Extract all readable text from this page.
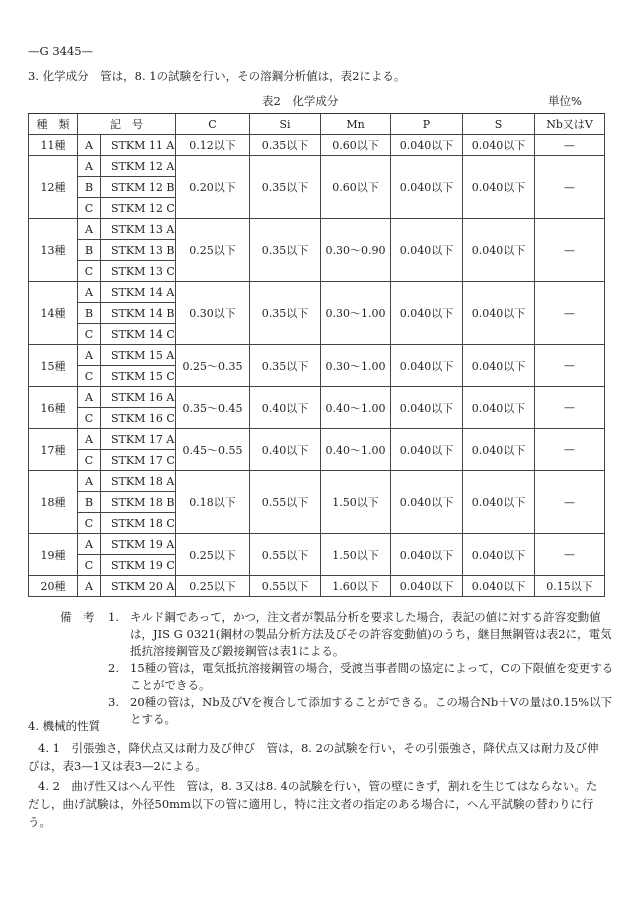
—G 3445—
3. 化学成分　管は，8. 1の試験を行い，その溶鋼分析値は，表2による。
表2　化学成分	単位%
種　類	記　号		C	Si	Mn	P	S	Nb又はV
11種	A	STKM 11 A	0.12以下	0.35以下	0.60以下	0.040以下	0.040以下	—
12種	A	STKM 12 A	0.20以下	0.35以下	0.60以下	0.040以下	0.040以下	—
	B	STKM 12 B						
	C	STKM 12 C						
13種	A	STKM 13 A	0.25以下	0.35以下	0.30〜0.90	0.040以下	0.040以下	—
	B	STKM 13 B						
	C	STKM 13 C						
14種	A	STKM 14 A	0.30以下	0.35以下	0.30〜1.00	0.040以下	0.040以下	—
	B	STKM 14 B						
	C	STKM 14 C						
15種	A	STKM 15 A	0.25〜0.35	0.35以下	0.30〜1.00	0.040以下	0.040以下	—
	C	STKM 15 C						
16種	A	STKM 16 A	0.35〜0.45	0.40以下	0.40〜1.00	0.040以下	0.040以下	—
	C	STKM 16 C						
17種	A	STKM 17 A	0.45〜0.55	0.40以下	0.40〜1.00	0.040以下	0.040以下	—
	C	STKM 17 C						
18種	A	STKM 18 A	0.18以下	0.55以下	1.50以下	0.040以下	0.040以下	—
	B	STKM 18 B						
	C	STKM 18 C						
19種	A	STKM 19 A	0.25以下	0.55以下	1.50以下	0.040以下	0.040以下	—
	C	STKM 19 C						
20種	A	STKM 20 A	0.25以下	0.55以下	1.60以下	0.040以下	0.040以下	0.15以下
備　考	1. キルド鋼であって，かつ，注文者が製品分析を要求した場合，表記の値に対する許容変動値は，JIS G 0321(鋼材の製品分析方法及びその許容変動値)のうち，継目無鋼管は表2に，電気抵抗溶接鋼管及び鍛接鋼管は表1による。
2. 15種の管は，電気抵抗溶接鋼管の場合，受渡当事者間の協定によって，Cの下限値を変更することができる。
3. 20種の管は，Nb及びVを複合して添加することができる。この場合Nb＋Vの量は0.15%以下とする。
4. 機械的性質
4. 1　引張強さ，降伏点又は耐力及び伸び　管は，8. 2の試験を行い，その引張強さ，降伏点又は耐力及び伸びは，表3—1又は表3—2による。
4. 2　曲げ性又はへん平性　管は，8. 3又は8. 4の試験を行い，管の壁にきず，割れを生じてはならない。ただし，曲げ試験は，外径50mm以下の管に適用し，特に注文者の指定のある場合に，へん平試験の替わりに行う。
